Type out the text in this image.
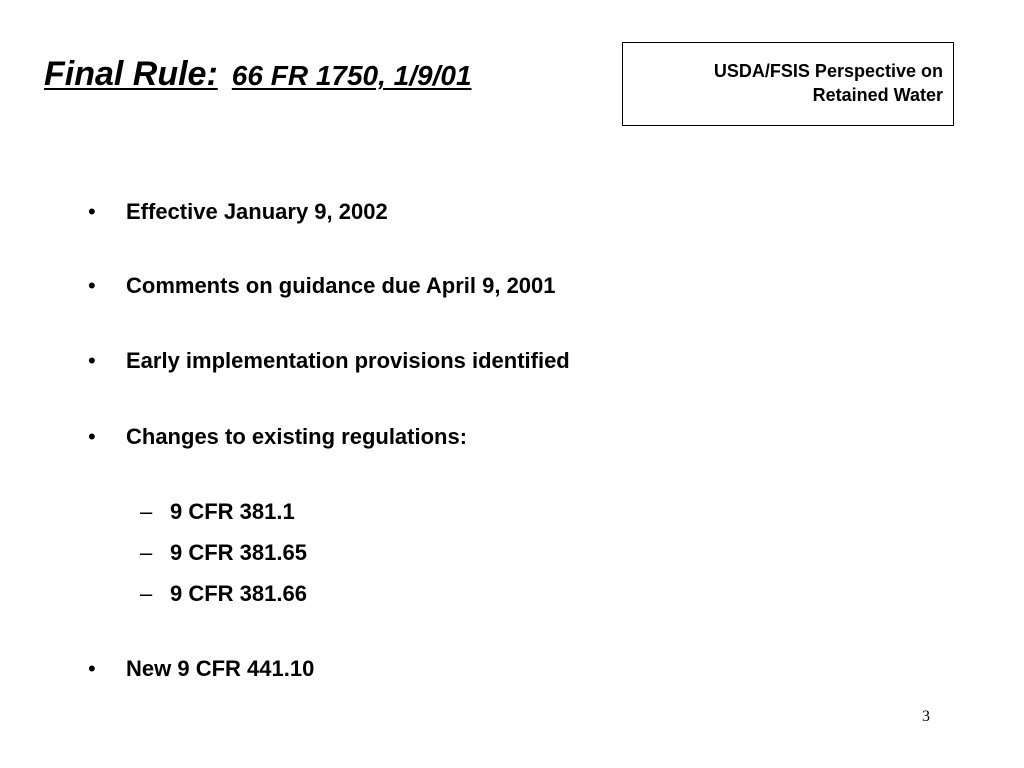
Final Rule: 66 FR 1750, 1/9/01	USDA/FSIS Perspective on
Retained Water
• Effective January 9, 2002
• Comments on guidance due April 9, 2001
• Early implementation provisions identified
• Changes to existing regulations:
– 9 CFR 381.1
– 9 CFR 381.65
– 9 CFR 381.66
• New 9 CFR 441.10
3
